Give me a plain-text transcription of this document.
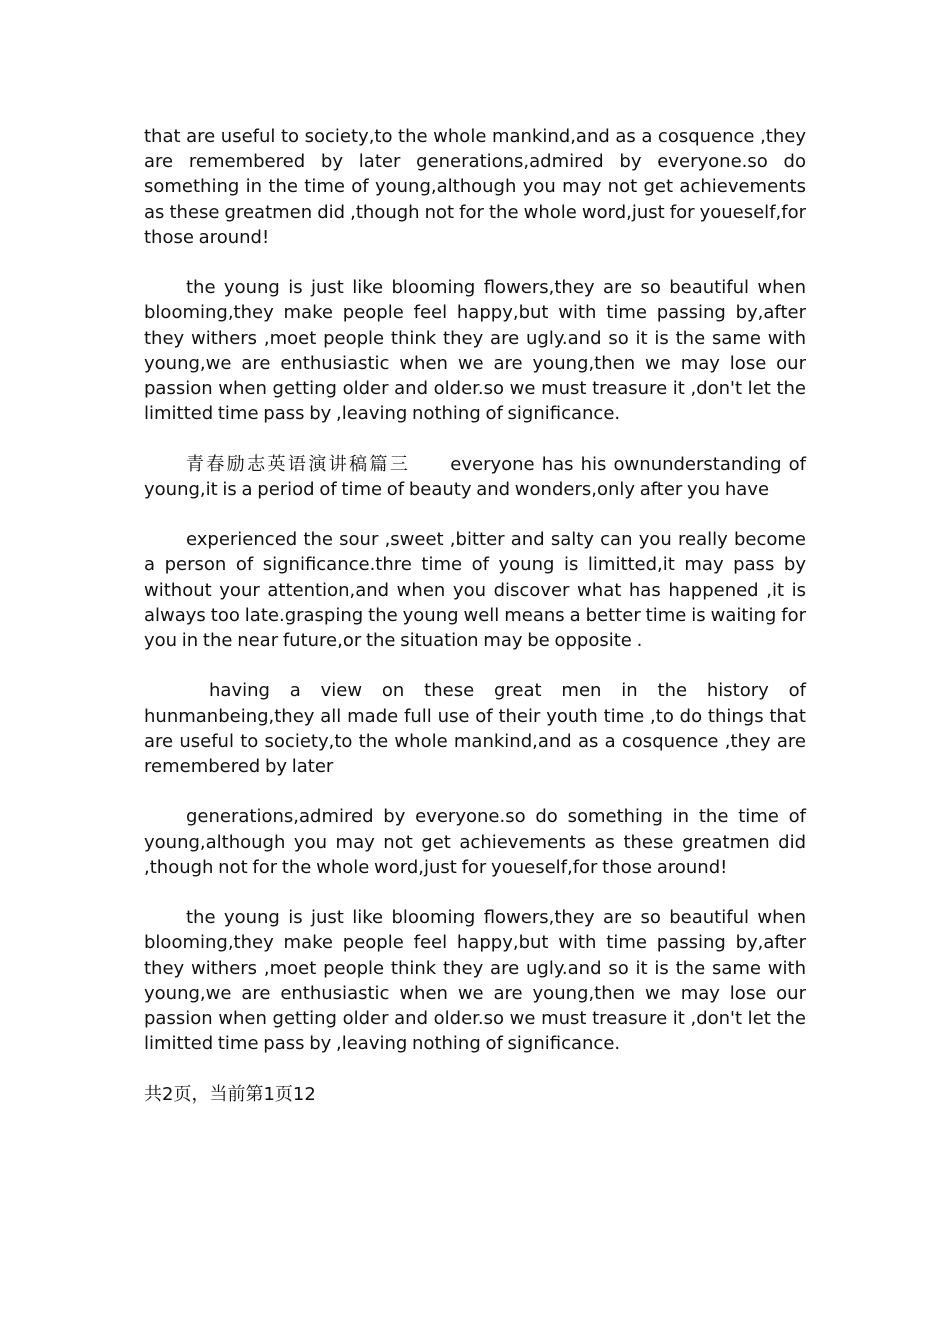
that are useful to society,to the whole mankind,and as a cosquence ,they are remembered by later generations,admired by everyone.so do something in the time of young,although you may not get achievements as these greatmen did ,though not for the whole word,just for youeself,for those around!

the young is just like blooming flowers,they are so beautiful when blooming,they make people feel happy,but with time passing by,after they withers ,moet people think they are ugly.and so it is the same with young,we are enthusiastic when we are young,then we may lose our passion when getting older and older.so we must treasure it ,don't let the limitted time pass by ,leaving nothing of significance.

青春励志英语演讲稿篇三 everyone has his ownunderstanding of young,it is a period of time of beauty and wonders,only after you have

experienced the sour ,sweet ,bitter and salty can you really become a person of significance.thre time of young is limitted,it may pass by without your attention,and when you discover what has happened ,it is always too late.grasping the young well means a better time is waiting for you in the near future,or the situation may be opposite .

having a view on these great men in the history of hunmanbeing,they all made full use of their youth time ,to do things that are useful to society,to the whole mankind,and as a cosquence ,they are remembered by later

generations,admired by everyone.so do something in the time of young,although you may not get achievements as these greatmen did ,though not for the whole word,just for youeself,for those around!

the young is just like blooming flowers,they are so beautiful when blooming,they make people feel happy,but with time passing by,after they withers ,moet people think they are ugly.and so it is the same with young,we are enthusiastic when we are young,then we may lose our passion when getting older and older.so we must treasure it ,don't let the limitted time pass by ,leaving nothing of significance.

共2页，当前第1页12
